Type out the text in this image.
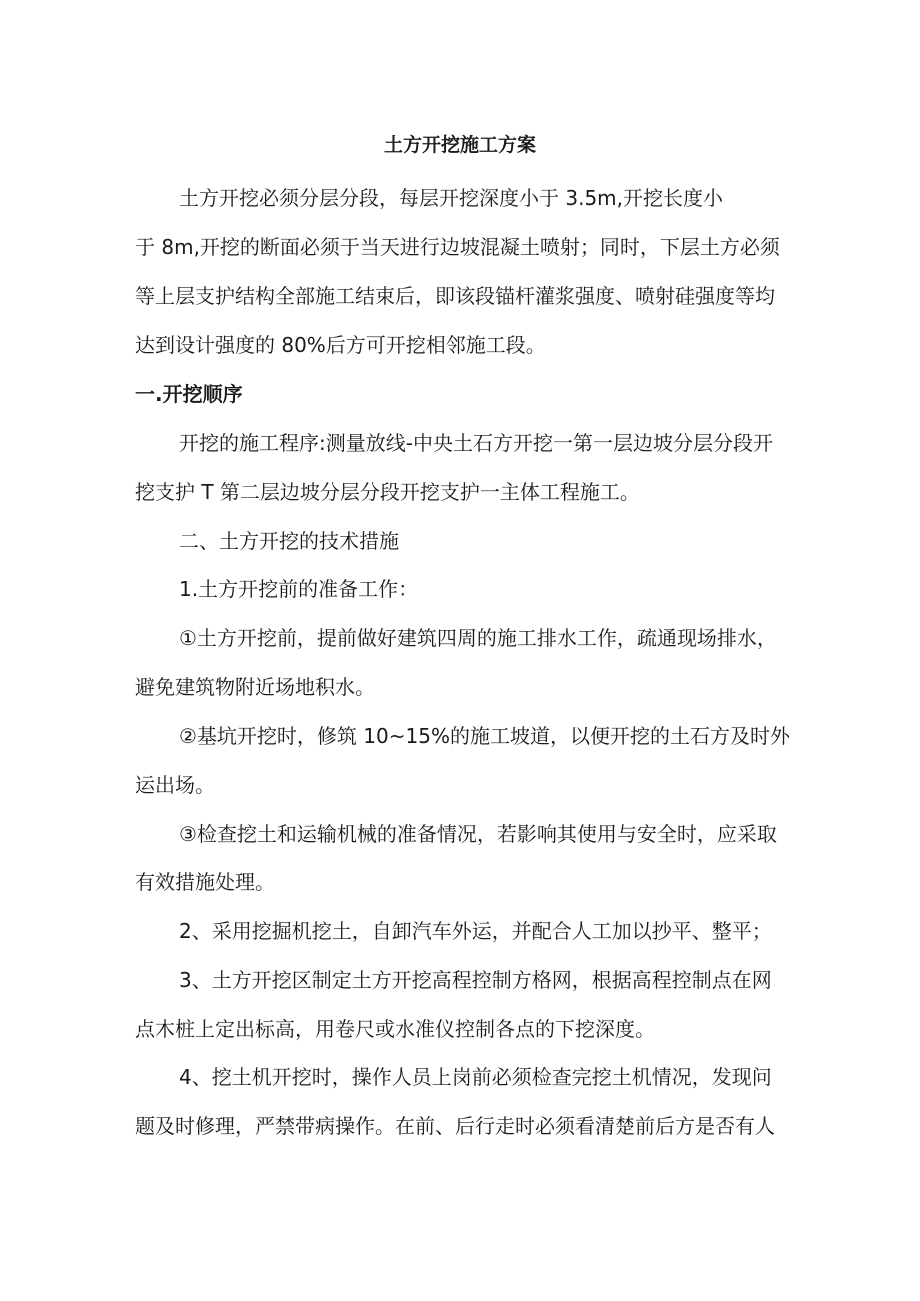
土方开挖施工方案
土方开挖必须分层分段，每层开挖深度小于 3.5m,开挖长度小
于 8m,开挖的断面必须于当天进行边坡混凝土喷射；同时，下层土方必须
等上层支护结构全部施工结束后，即该段锚杆灌浆强度、喷射硅强度等均
达到设计强度的 80%后方可开挖相邻施工段。
一.开挖顺序
开挖的施工程序:测量放线-中央土石方开挖一第一层边坡分层分段开
挖支护 T 第二层边坡分层分段开挖支护一主体工程施工。
二、土方开挖的技术措施
1.土方开挖前的准备工作：
①土方开挖前，提前做好建筑四周的施工排水工作，疏通现场排水，
避免建筑物附近场地积水。
②基坑开挖时，修筑 10~15%的施工坡道，以便开挖的土石方及时外
运出场。
③检查挖土和运输机械的准备情况，若影响其使用与安全时，应采取
有效措施处理。
2、采用挖掘机挖土，自卸汽车外运，并配合人工加以抄平、整平；
3、土方开挖区制定土方开挖高程控制方格网，根据高程控制点在网
点木桩上定出标高，用卷尺或水准仪控制各点的下挖深度。
4、挖土机开挖时，操作人员上岗前必须检查完挖土机情况，发现问
题及时修理，严禁带病操作。在前、后行走时必须看清楚前后方是否有人
